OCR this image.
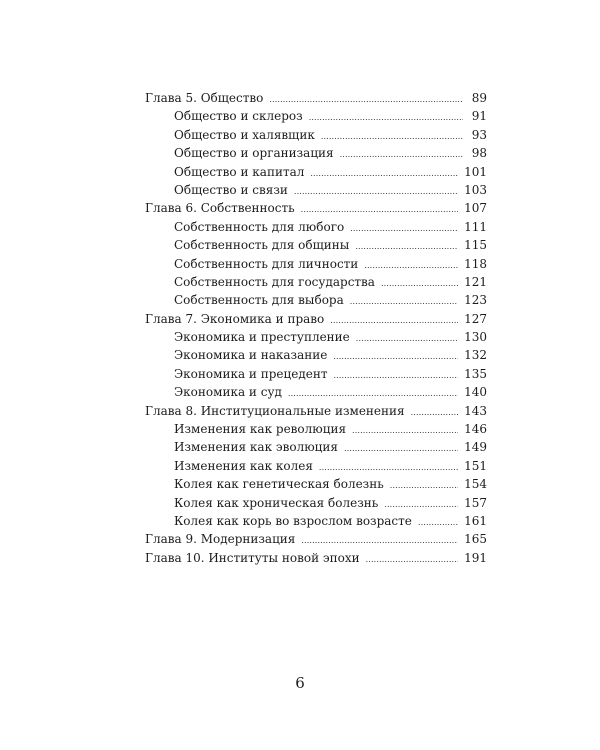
Глава 5. Общество . . .	89
Общество и склероз . . .	91
Общество и халявщик . . .	93
Общество и организация . . .	98
Общество и капитал . . .	101
Общество и связи . . .	103
Глава 6. Собственность . . .	107
Собственность для любого . . .	111
Собственность для общины . . .	115
Собственность для личности . . .	118
Собственность для государства . . .	121
Собственность для выбора . . .	123
Глава 7. Экономика и право . . .	127
Экономика и преступление . . .	130
Экономика и наказание . . .	132
Экономика и прецедент . . .	135
Экономика и суд . . .	140
Глава 8. Институциональные изменения . . .	143
Изменения как революция . . .	146
Изменения как эволюция . . .	149
Изменения как колея . . .	151
Колея как генетическая болезнь . . .	154
Колея как хроническая болезнь . . .	157
Колея как корь во взрослом возрасте . . .	161
Глава 9. Модернизация . . .	165
Глава 10. Институты новой эпохи . . .	191
6
